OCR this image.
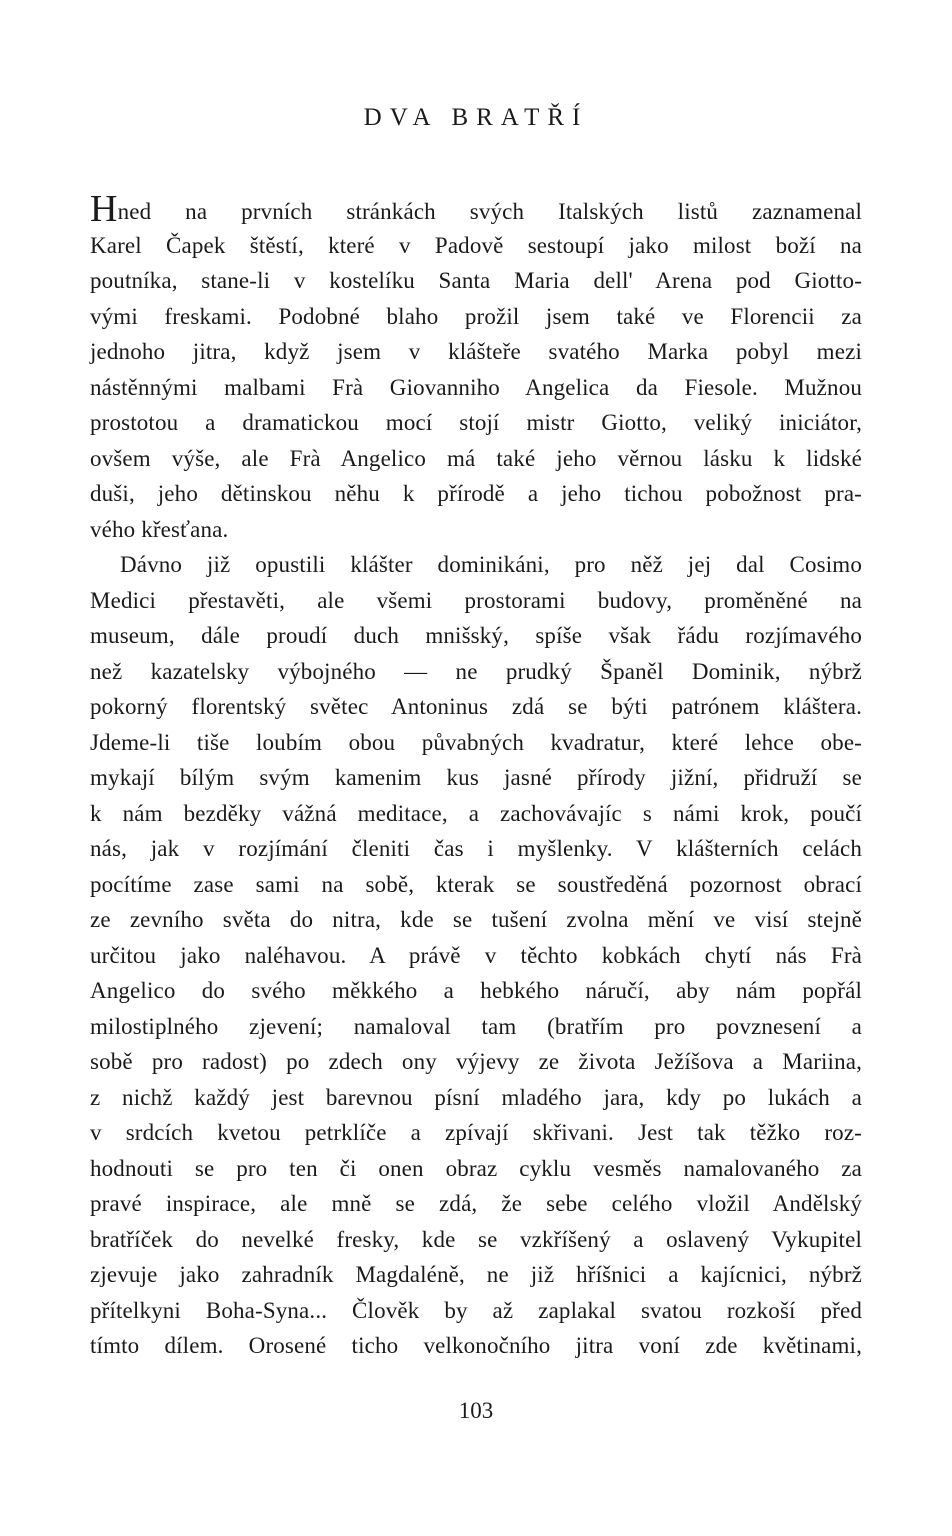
DVA BRATŘÍ
Hned na prvních stránkách svých Italských listů zaznamenal
Karel Čapek štěstí, které v Padově sestoupí jako milost boží na
poutníka, stane-li v kostelíku Santa Maria dell' Arena pod Giotto-
vými freskami. Podobné blaho prožil jsem také ve Florencii za
jednoho jitra, když jsem v klášteře svatého Marka pobyl mezi
nástěnnými malbami Frà Giovanniho Angelica da Fiesole. Mužnou
prostotou a dramatickou mocí stojí mistr Giotto, veliký iniciátor,
ovšem výše, ale Frà Angelico má také jeho věrnou lásku k lidské
duši, jeho dětinskou něhu k přírodě a jeho tichou pobožnost pra-
vého křesťana.
Dávno již opustili klášter dominikáni, pro něž jej dal Cosimo
Medici přestavěti, ale všemi prostorami budovy, proměněné na
museum, dále proudí duch mnišský, spíše však řádu rozjímavého
než kazatelsky výbojného — ne prudký Španěl Dominik, nýbrž
pokorný florentský světec Antoninus zdá se býti patrónem kláštera.
Jdeme-li tiše loubím obou půvabných kvadratur, které lehce obe-
mykají bílým svým kamenim kus jasné přírody jižní, přidruží se
k nám bezděky vážná meditace, a zachovávajíc s námi krok, poučí
nás, jak v rozjímání členiti čas i myšlenky. V klášterních celách
pocítíme zase sami na sobě, kterak se soustředěná pozornost obrací
ze zevního světa do nitra, kde se tušení zvolna mění ve visí stejně
určitou jako naléhavou. A právě v těchto kobkách chytí nás Frà
Angelico do svého měkkého a hebkého náručí, aby nám popřál
milostiplného zjevení; namaloval tam (bratřím pro povznesení a
sobě pro radost) po zdech ony výjevy ze života Ježíšova a Mariina,
z nichž každý jest barevnou písní mladého jara, kdy po lukách a
v srdcích kvetou petrklíče a zpívají skřivani. Jest tak těžko roz-
hodnouti se pro ten či onen obraz cyklu vesměs namalovaného za
pravé inspirace, ale mně se zdá, že sebe celého vložil Andělský
bratříček do nevelké fresky, kde se vzkříšený a oslavený Vykupitel
zjevuje jako zahradník Magdaléně, ne již hříšnici a kajícnici, nýbrž
přítelkyni Boha-Syna... Člověk by až zaplakal svatou rozkoší před
tímto dílem. Orosené ticho velkonočního jitra voní zde květinami,
103
